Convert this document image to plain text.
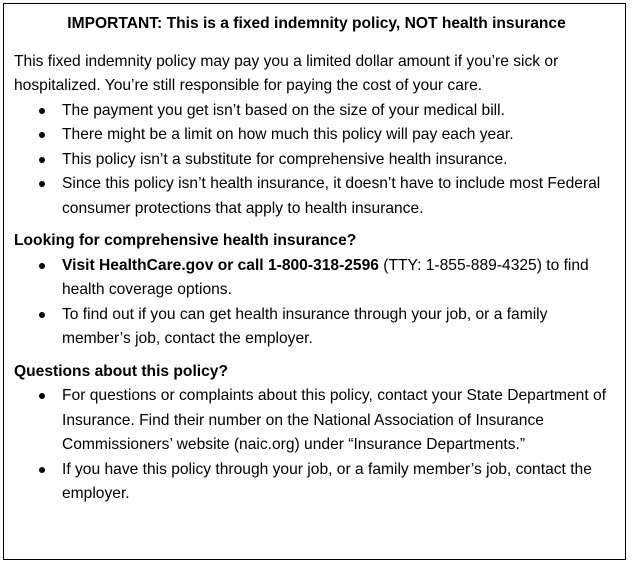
IMPORTANT: This is a fixed indemnity policy, NOT health insurance

This fixed indemnity policy may pay you a limited dollar amount if you’re sick or hospitalized. You’re still responsible for paying the cost of your care.

The payment you get isn’t based on the size of your medical bill.
There might be a limit on how much this policy will pay each year.
This policy isn’t a substitute for comprehensive health insurance.
Since this policy isn’t health insurance, it doesn’t have to include most Federal consumer protections that apply to health insurance.

Looking for comprehensive health insurance?

Visit HealthCare.gov or call 1-800-318-2596 (TTY: 1-855-889-4325) to find health coverage options.
To find out if you can get health insurance through your job, or a family member’s job, contact the employer.

Questions about this policy?

For questions or complaints about this policy, contact your State Department of Insurance. Find their number on the National Association of Insurance Commissioners’ website (naic.org) under “Insurance Departments.”
If you have this policy through your job, or a family member’s job, contact the employer.
